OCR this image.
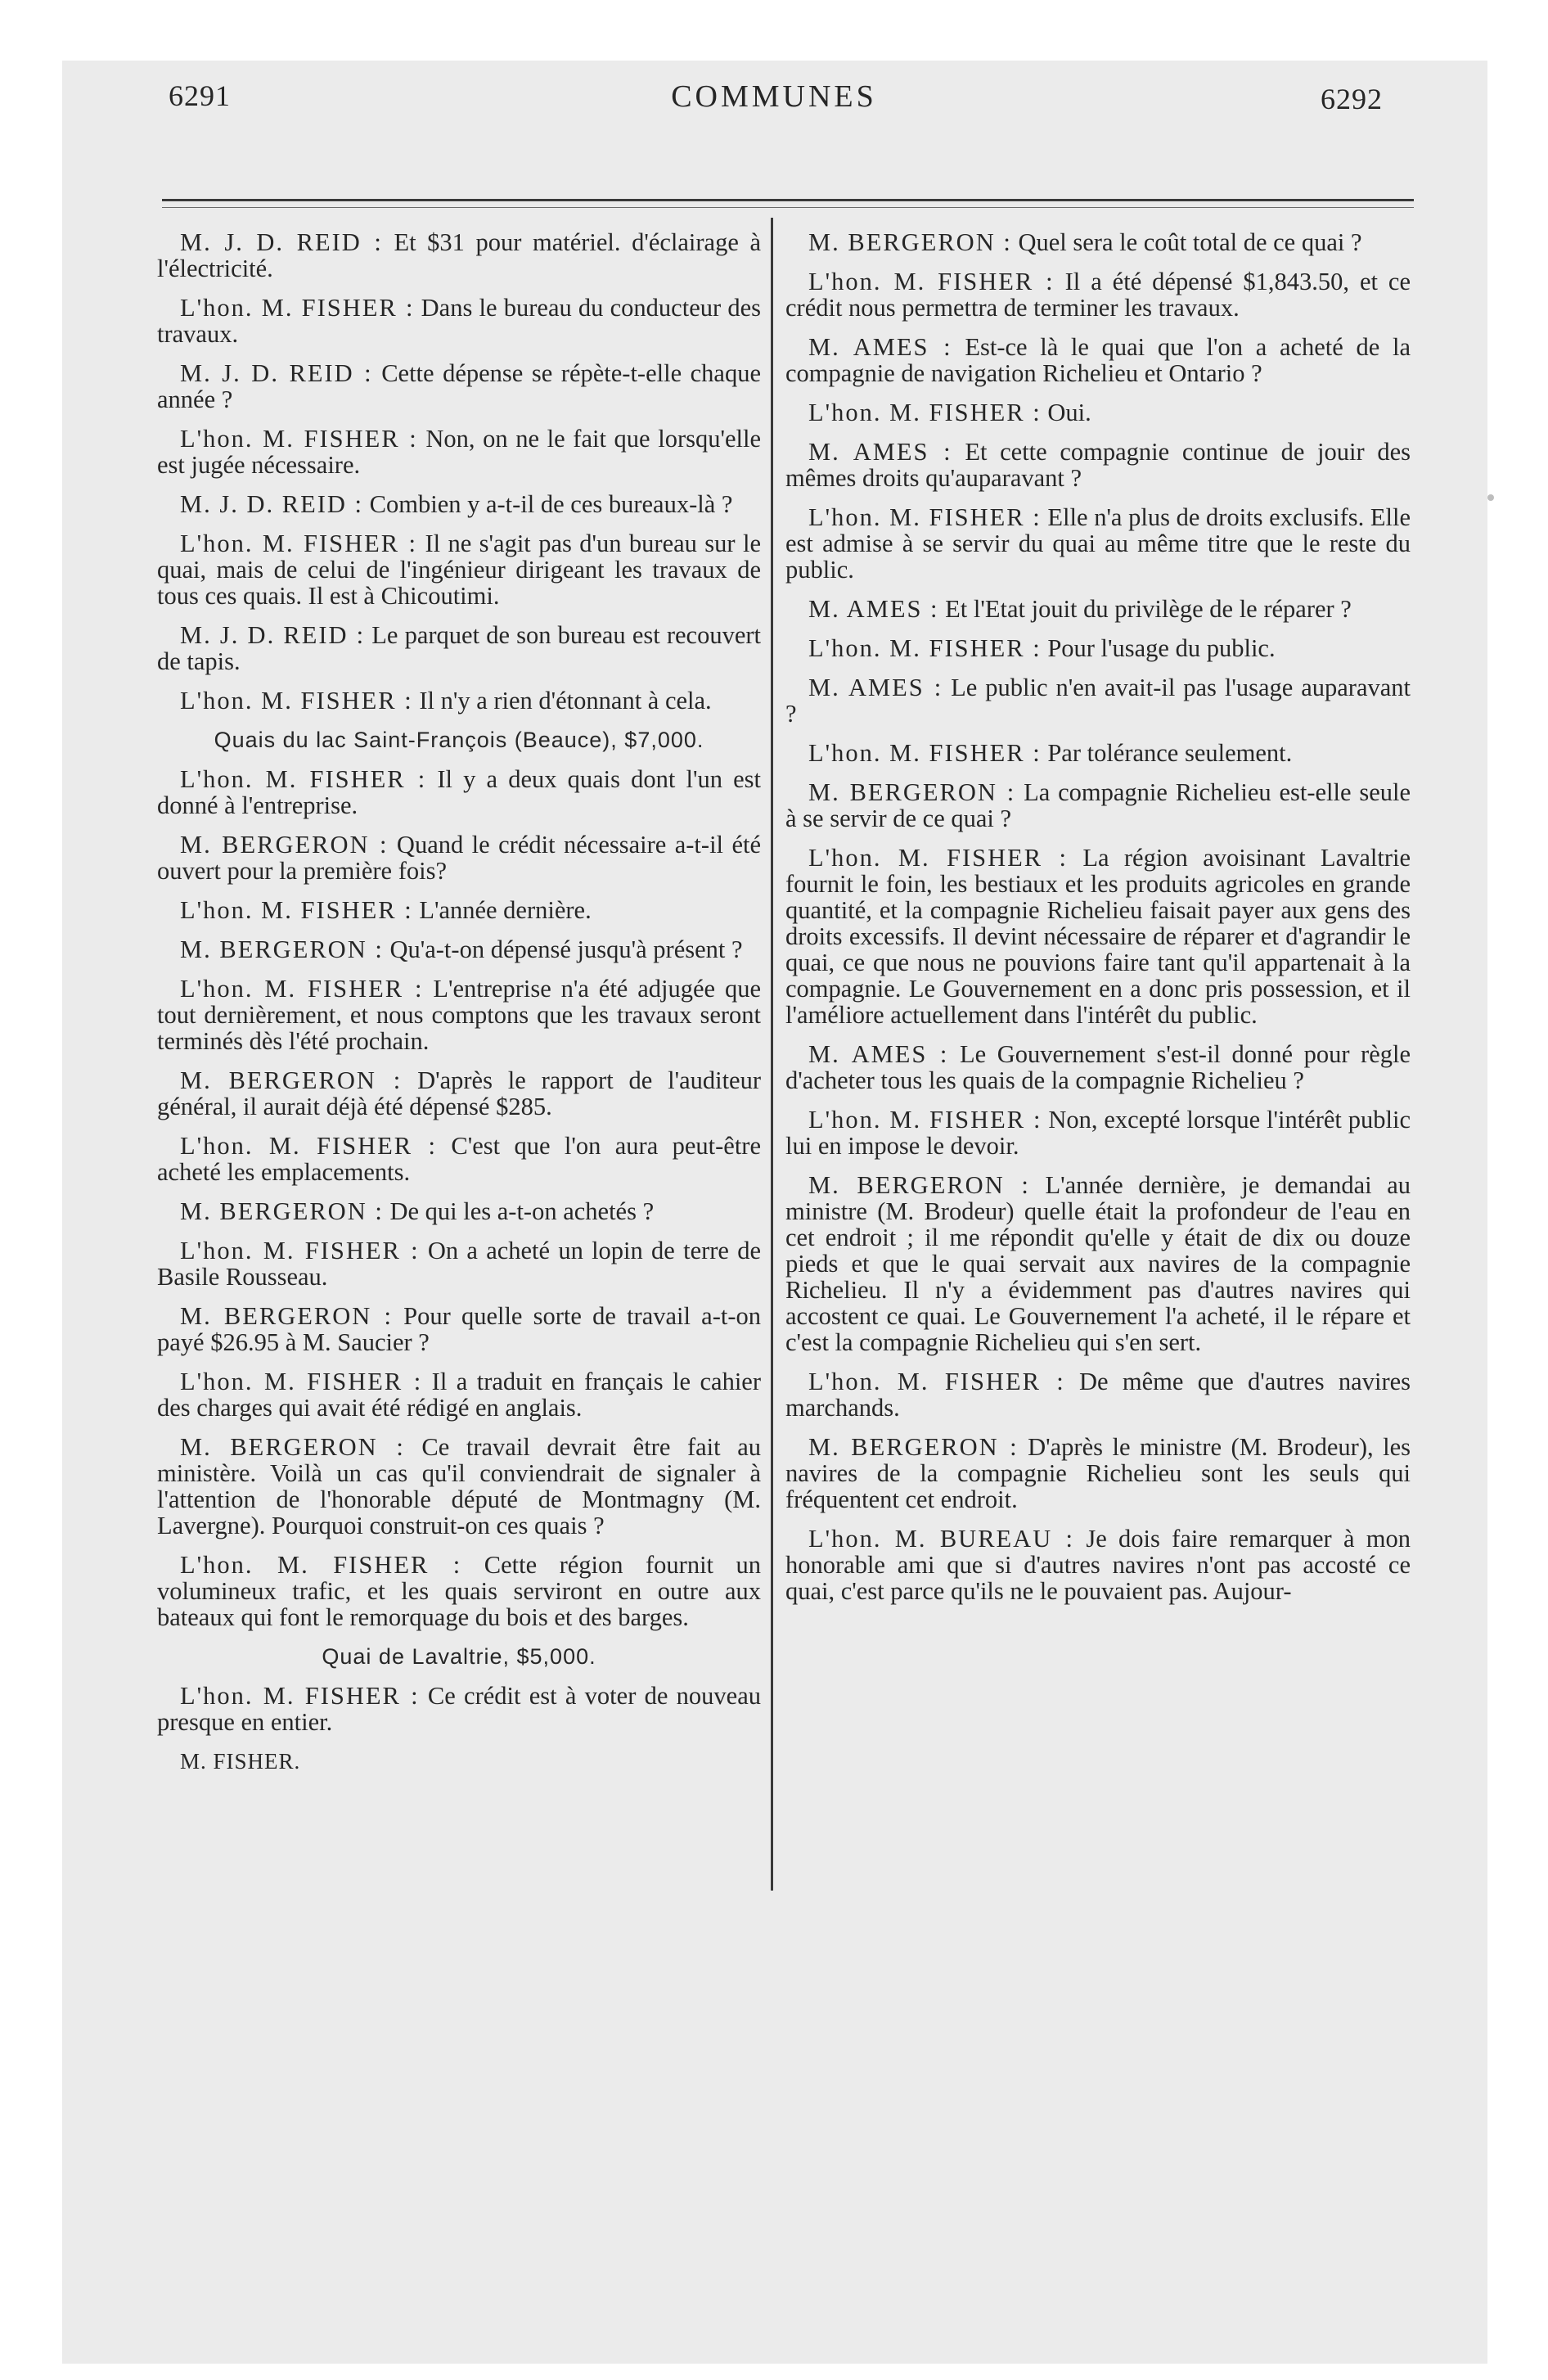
6291	COMMUNES	6292

M. J. D. REID : Et $31 pour matériel. d'éclairage à l'électricité.

L'hon. M. FISHER : Dans le bureau du conducteur des travaux.

M. J. D. REID : Cette dépense se répète-t-elle chaque année ?

L'hon. M. FISHER : Non, on ne le fait que lorsqu'elle est jugée nécessaire.

M. J. D. REID : Combien y a-t-il de ces bureaux-là ?

L'hon. M. FISHER : Il ne s'agit pas d'un bureau sur le quai, mais de celui de l'ingénieur dirigeant les travaux de tous ces quais. Il est à Chicoutimi.

M. J. D. REID : Le parquet de son bureau est recouvert de tapis.

L'hon. M. FISHER : Il n'y a rien d'étonnant à cela.

Quais du lac Saint-François (Beauce), $7,000.

L'hon. M. FISHER : Il y a deux quais dont l'un est donné à l'entreprise.

M. BERGERON : Quand le crédit nécessaire a-t-il été ouvert pour la première fois?

L'hon. M. FISHER : L'année dernière.

M. BERGERON : Qu'a-t-on dépensé jusqu'à présent ?

L'hon. M. FISHER : L'entreprise n'a été adjugée que tout dernièrement, et nous comptons que les travaux seront terminés dès l'été prochain.

M. BERGERON : D'après le rapport de l'auditeur général, il aurait déjà été dépensé $285.

L'hon. M. FISHER : C'est que l'on aura peut-être acheté les emplacements.

M. BERGERON : De qui les a-t-on achetés ?

L'hon. M. FISHER : On a acheté un lopin de terre de Basile Rousseau.

M. BERGERON : Pour quelle sorte de travail a-t-on payé $26.95 à M. Saucier ?

L'hon. M. FISHER : Il a traduit en français le cahier des charges qui avait été rédigé en anglais.

M. BERGERON : Ce travail devrait être fait au ministère. Voilà un cas qu'il conviendrait de signaler à l'attention de l'honorable député de Montmagny (M. Lavergne). Pourquoi construit-on ces quais ?

L'hon. M. FISHER : Cette région fournit un volumineux trafic, et les quais serviront en outre aux bateaux qui font le remorquage du bois et des barges.

Quai de Lavaltrie, $5,000.

L'hon. M. FISHER : Ce crédit est à voter de nouveau presque en entier.

M. FISHER.

M. BERGERON : Quel sera le coût total de ce quai ?

L'hon. M. FISHER : Il a été dépensé $1,843.50, et ce crédit nous permettra de terminer les travaux.

M. AMES : Est-ce là le quai que l'on a acheté de la compagnie de navigation Richelieu et Ontario ?

L'hon. M. FISHER : Oui.

M. AMES : Et cette compagnie continue de jouir des mêmes droits qu'auparavant ?

L'hon. M. FISHER : Elle n'a plus de droits exclusifs. Elle est admise à se servir du quai au même titre que le reste du public.

M. AMES : Et l'Etat jouit du privilège de le réparer ?

L'hon. M. FISHER : Pour l'usage du public.

M. AMES : Le public n'en avait-il pas l'usage auparavant ?

L'hon. M. FISHER : Par tolérance seulement.

M. BERGERON : La compagnie Richelieu est-elle seule à se servir de ce quai ?

L'hon. M. FISHER : La région avoisinant Lavaltrie fournit le foin, les bestiaux et les produits agricoles en grande quantité, et la compagnie Richelieu faisait payer aux gens des droits excessifs. Il devint nécessaire de réparer et d'agrandir le quai, ce que nous ne pouvions faire tant qu'il appartenait à la compagnie. Le Gouvernement en a donc pris possession, et il l'améliore actuellement dans l'intérêt du public.

M. AMES : Le Gouvernement s'est-il donné pour règle d'acheter tous les quais de la compagnie Richelieu ?

L'hon. M. FISHER : Non, excepté lorsque l'intérêt public lui en impose le devoir.

M. BERGERON : L'année dernière, je demandai au ministre (M. Brodeur) quelle était la profondeur de l'eau en cet endroit ; il me répondit qu'elle y était de dix ou douze pieds et que le quai servait aux navires de la compagnie Richelieu. Il n'y a évidemment pas d'autres navires qui accostent ce quai. Le Gouvernement l'a acheté, il le répare et c'est la compagnie Richelieu qui s'en sert.

L'hon. M. FISHER : De même que d'autres navires marchands.

M. BERGERON : D'après le ministre (M. Brodeur), les navires de la compagnie Richelieu sont les seuls qui fréquentent cet endroit.

L'hon. M. BUREAU : Je dois faire remarquer à mon honorable ami que si d'autres navires n'ont pas accosté ce quai, c'est parce qu'ils ne le pouvaient pas. Aujour-
